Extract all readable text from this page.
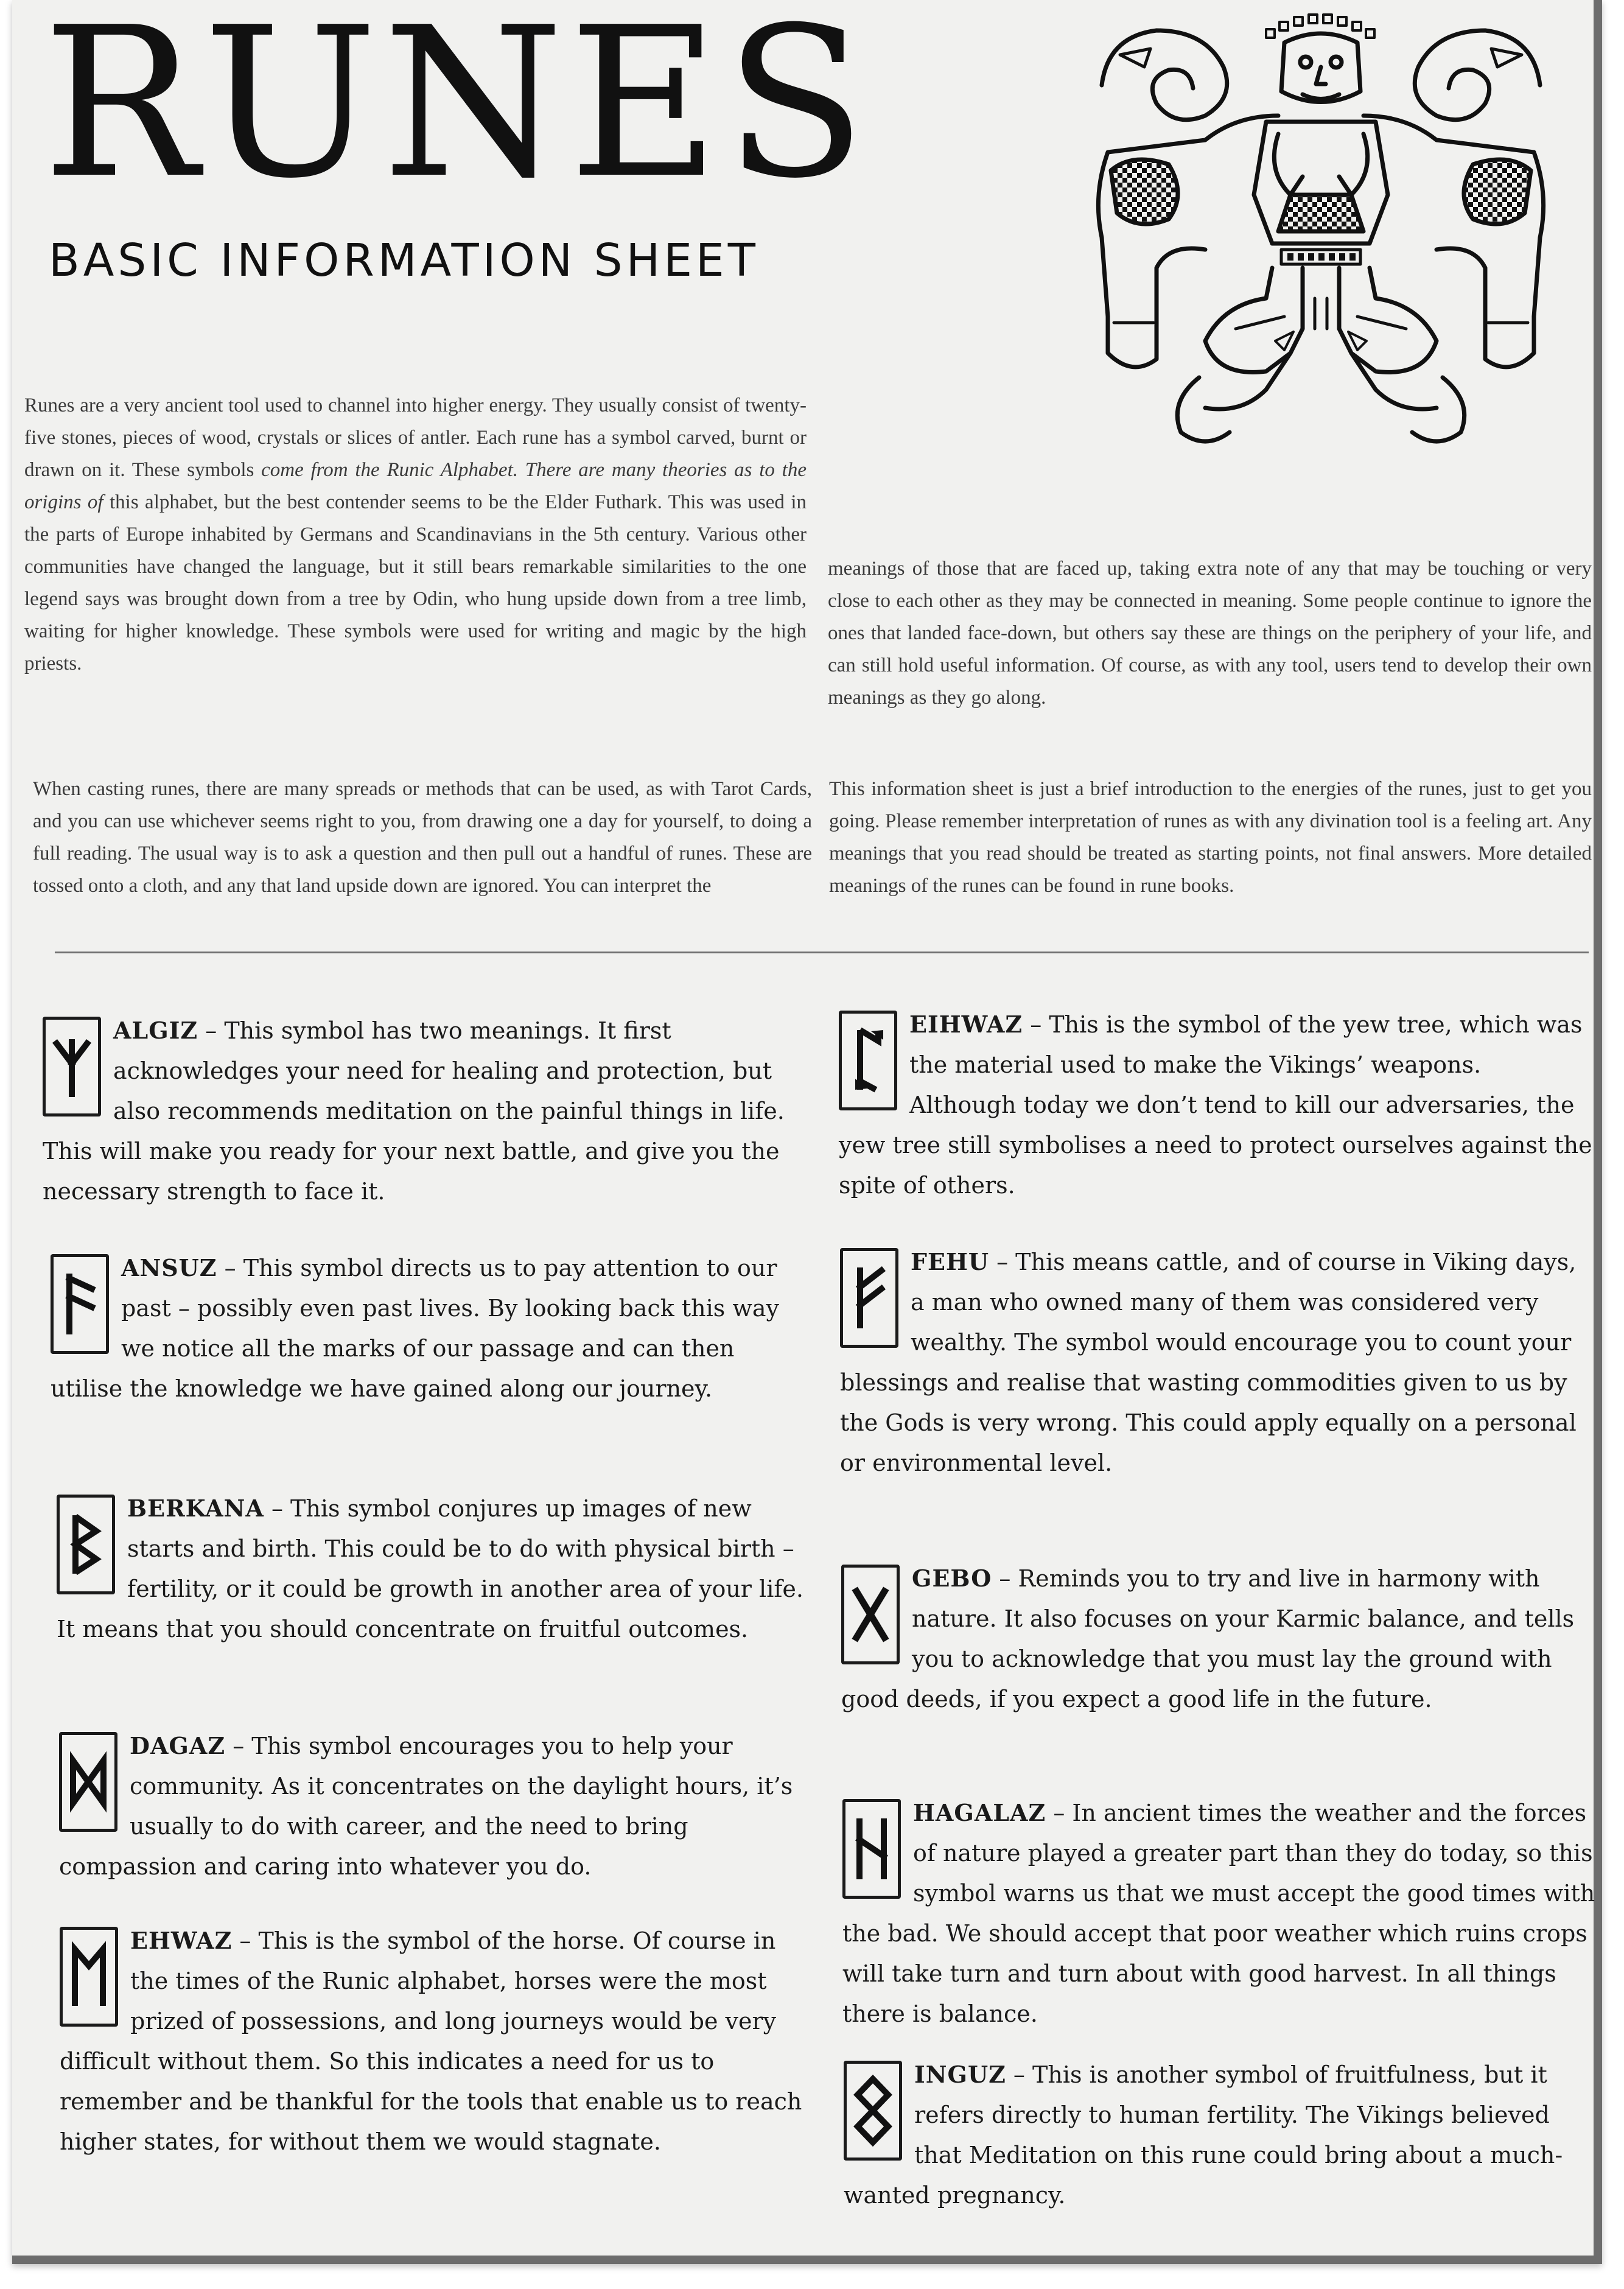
RUNES
BASIC INFORMATION SHEET

Runes are a very ancient tool used to channel into higher energy. They usually consist of twenty-five stones, pieces of wood, crystals or slices of antler. Each rune has a symbol carved, burnt or drawn on it. These symbols come from the Runic Alphabet. There are many theories as to the origins of this alphabet, but the best contender seems to be the Elder Futhark. This was used in the parts of Europe inhabited by Germans and Scandinavians in the 5th century. Various other communities have changed the language, but it still bears remarkable similarities to the one legend says was brought down from a tree by Odin, who hung upside down from a tree limb, waiting for higher knowledge. These symbols were used for writing and magic by the high priests.

When casting runes, there are many spreads or methods that can be used, as with Tarot Cards, and you can use whichever seems right to you, from drawing one a day for yourself, to doing a full reading. The usual way is to ask a question and then pull out a handful of runes. These are tossed onto a cloth, and any that land upside down are ignored. You can interpret the

meanings of those that are faced up, taking extra note of any that may be touching or very close to each other as they may be connected in meaning. Some people continue to ignore the ones that landed face-down, but others say these are things on the periphery of your life, and can still hold useful information. Of course, as with any tool, users tend to develop their own meanings as they go along.

This information sheet is just a brief introduction to the energies of the runes, just to get you going. Please remember interpretation of runes as with any divination tool is a feeling art. Any meanings that you read should be treated as starting points, not final answers. More detailed meanings of the runes can be found in rune books.

ALGIZ – This symbol has two meanings. It first acknowledges your need for healing and protection, but also recommends meditation on the painful things in life. This will make you ready for your next battle, and give you the necessary strength to face it.
ANSUZ – This symbol directs us to pay attention to our past – possibly even past lives. By looking back this way we notice all the marks of our passage and can then utilise the knowledge we have gained along our journey.
BERKANA – This symbol conjures up images of new starts and birth. This could be to do with physical birth – fertility, or it could be growth in another area of your life. It means that you should concentrate on fruitful outcomes.
DAGAZ – This symbol encourages you to help your community. As it concentrates on the daylight hours, it’s usually to do with career, and the need to bring compassion and caring into whatever you do.
EHWAZ – This is the symbol of the horse. Of course in the times of the Runic alphabet, horses were the most prized of possessions, and long journeys would be very difficult without them. So this indicates a need for us to remember and be thankful for the tools that enable us to reach higher states, for without them we would stagnate.
EIHWAZ – This is the symbol of the yew tree, which was the material used to make the Vikings’ weapons. Although today we don’t tend to kill our adversaries, the yew tree still symbolises a need to protect ourselves against the spite of others.
FEHU – This means cattle, and of course in Viking days, a man who owned many of them was considered very wealthy. The symbol would encourage you to count your blessings and realise that wasting commodities given to us by the Gods is very wrong. This could apply equally on a personal or environmental level.
GEBO – Reminds you to try and live in harmony with nature. It also focuses on your Karmic balance, and tells you to acknowledge that you must lay the ground with good deeds, if you expect a good life in the future.
HAGALAZ – In ancient times the weather and the forces of nature played a greater part than they do today, so this symbol warns us that we must accept the good times with the bad. We should accept that poor weather which ruins crops will take turn and turn about with good harvest. In all things there is balance.
INGUZ – This is another symbol of fruitfulness, but it refers directly to human fertility. The Vikings believed that Meditation on this rune could bring about a much-wanted pregnancy.
